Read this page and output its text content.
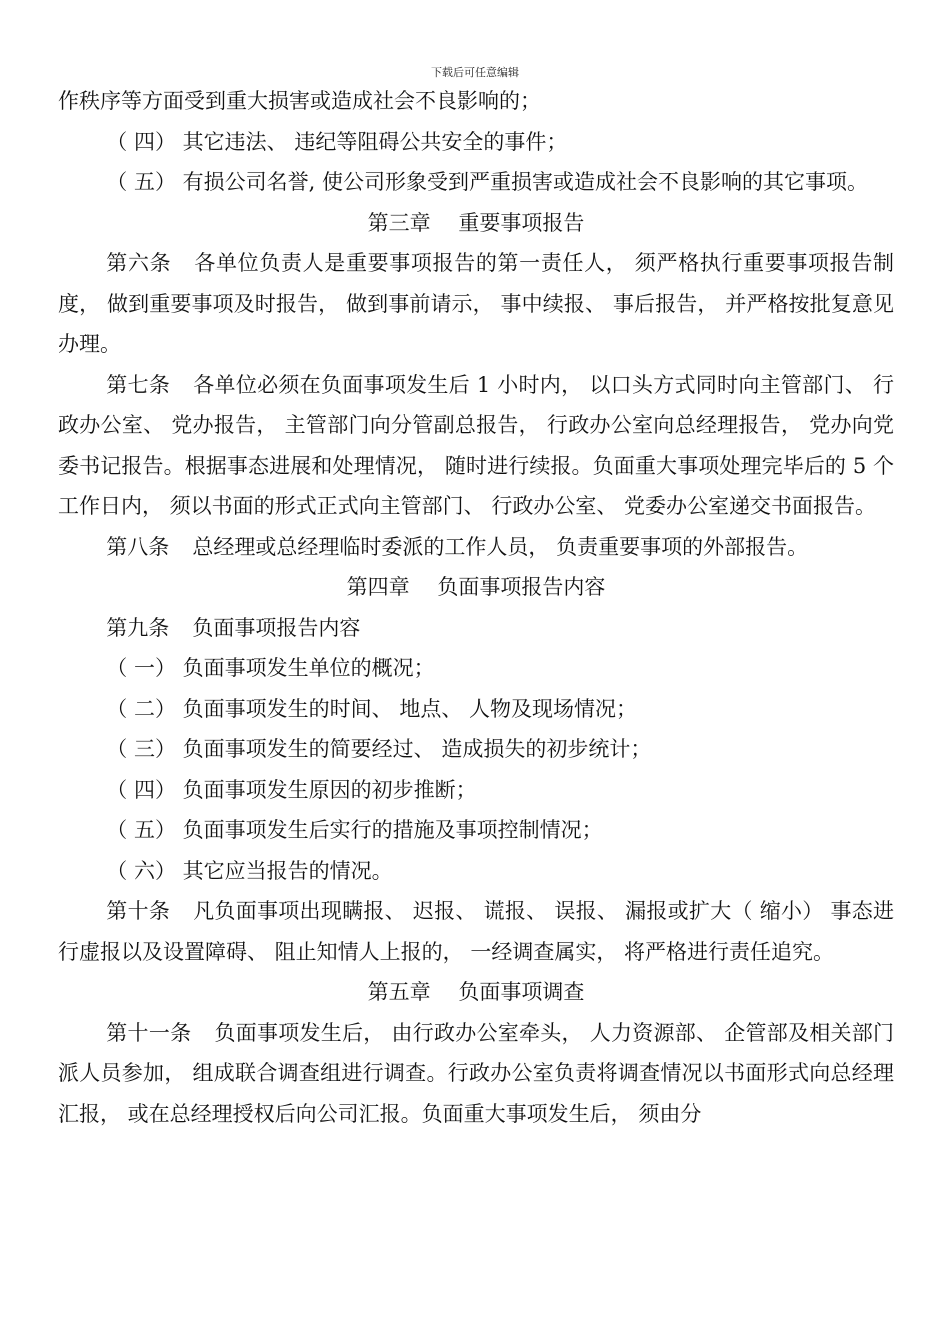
下载后可任意编辑

作秩序等方面受到重大损害或造成社会不良影响的；

（ 四） 其它违法、 违纪等阻碍公共安全的事件；

（ 五） 有损公司名誉, 使公司形象受到严重损害或造成社会不良影响的其它事项。

第三章　 重要事项报告

第六条 各单位负责人是重要事项报告的第一责任人， 须严格执行重要事项报告制度， 做到重要事项及时报告， 做到事前请示， 事中续报、 事后报告， 并严格按批复意见办理。

第七条 各单位必须在负面事项发生后 1 小时内， 以口头方式同时向主管部门、 行政办公室、 党办报告， 主管部门向分管副总报告， 行政办公室向总经理报告， 党办向党委书记报告。根据事态进展和处理情况， 随时进行续报。负面重大事项处理完毕后的 5 个工作日内， 须以书面的形式正式向主管部门、 行政办公室、 党委办公室递交书面报告。

第八条 总经理或总经理临时委派的工作人员， 负责重要事项的外部报告。

第四章　 负面事项报告内容

第九条 负面事项报告内容

（ 一） 负面事项发生单位的概况；

（ 二） 负面事项发生的时间、 地点、 人物及现场情况；

（ 三） 负面事项发生的简要经过、 造成损失的初步统计；

（ 四） 负面事项发生原因的初步推断；

（ 五） 负面事项发生后实行的措施及事项控制情况；

（ 六） 其它应当报告的情况。

第十条 凡负面事项出现瞒报、 迟报、 谎报、 误报、 漏报或扩大（ 缩小） 事态进行虚报以及设置障碍、 阻止知情人上报的， 一经调查属实， 将严格进行责任追究。

第五章　 负面事项调查

第十一条 负面事项发生后， 由行政办公室牵头， 人力资源部、 企管部及相关部门派人员参加， 组成联合调查组进行调查。行政办公室负责将调查情况以书面形式向总经理汇报， 或在总经理授权后向公司汇报。负面重大事项发生后， 须由分
